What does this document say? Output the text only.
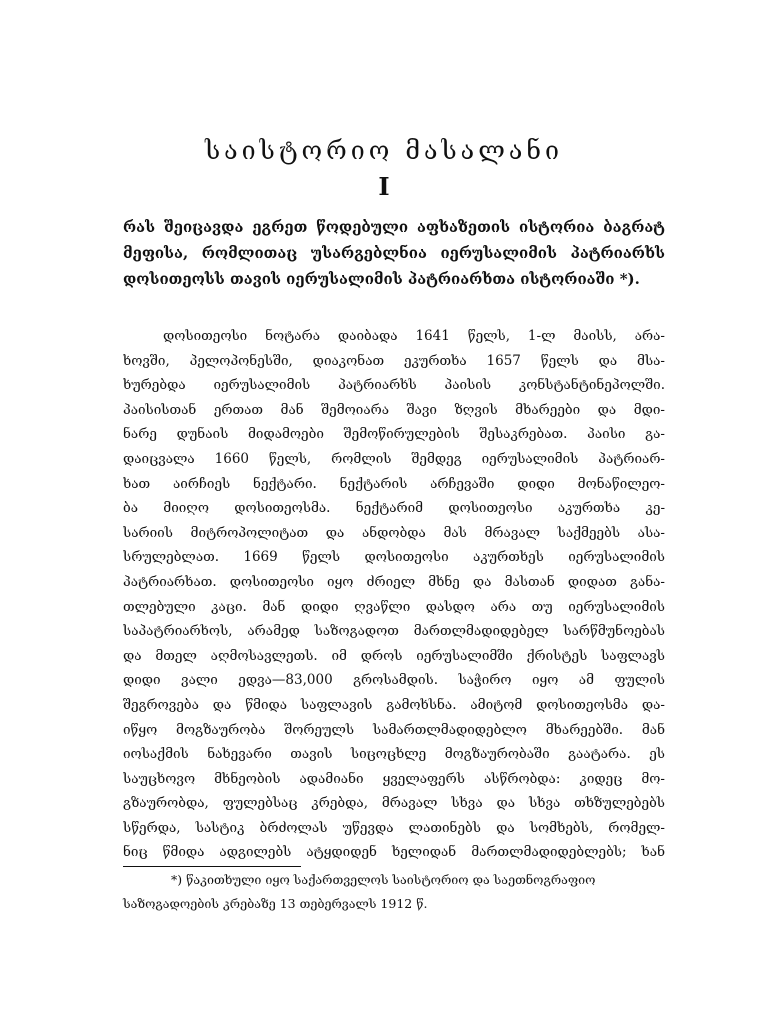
საისტორიო მასალანი
I
რას შეიცავდა ეგრეთ წოდებული აფხაზეთის ისტორია ბაგრატ მეფისა, რომლითაც უსარგებლნია იერუსალიმის პატრიარხს დოსითეოსს თავის იერუსალიმის პატრიარხთა ისტორიაში *).
დოსითეოსი ნოტარა დაიბადა 1641 წელს, 1-ლ მაისს, არა-
ხოვში, პელოპონესში, დიაკონათ ეკურთხა 1657 წელს და მსა-
ხურებდა იერუსალიმის პატრიარხს პაისის კონსტანტინეპოლში.
პაისისთან ერთათ მან შემოიარა შავი ზღვის მხარეები და მდი-
ნარე დუნაის მიდამოები შემოწირულების შესაკრებათ. პაისი გა-
დაიცვალა 1660 წელს, რომლის შემდეგ იერუსალიმის პატრიარ-
ხათ აირჩიეს ნექტარი. ნექტარის არჩევაში დიდი მონაწილეო-
ბა მიიღო დოსითეოსმა. ნექტარიმ დოსითეოსი აკურთხა კე-
სარიის მიტროპოლიტათ და ანდობდა მას მრავალ საქმეებს ასა-
სრულებლათ. 1669 წელს დოსითეოსი აკურთხეს იერუსალიმის
პატრიარხათ. დოსითეოსი იყო ძრიელ მხნე და მასთან დიდათ განა-
თლებული კაცი. მან დიდი ღვაწლი დასდო არა თუ იერუსალიმის
საპატრიარხოს, არამედ საზოგადოთ მართლმადიდებელ სარწმუნოებას
და მთელ აღმოსავლეთს. იმ დროს იერუსალიმში ქრისტეს საფლავს
დიდი ვალი ედვა—83,000 გროსამდის. საჭირო იყო ამ ფულის
შეგროვება და წმიდა საფლავის გამოხსნა. ამიტომ დოსითეოსმა და-
იწყო მოგზაურობა შორეულს სამართლმადიდებლო მხარეებში. მან
იოსაქმის ნახევარი თავის სიცოცხლე მოგზაურობაში გაატარა. ეს
საუცხოვო მხნეობის ადამიანი ყველაფერს ასწრობდა: კიდეც მო-
გზაურობდა, ფულებსაც კრებდა, მრავალ სხვა და სხვა თხზულებებს
სწერდა, სასტიკ ბრძოლას უწევდა ლათინებს და სომხებს, რომელ-
ნიც წმიდა ადგილებს ატყდიდენ ხელიდან მართლმადიდებლებს; ხან
*) წაკითხული იყო საქართველოს საისტორიო და საეთნოგრაფიო
საზოგადოების კრებაზე 13 თებერვალს 1912 წ.
